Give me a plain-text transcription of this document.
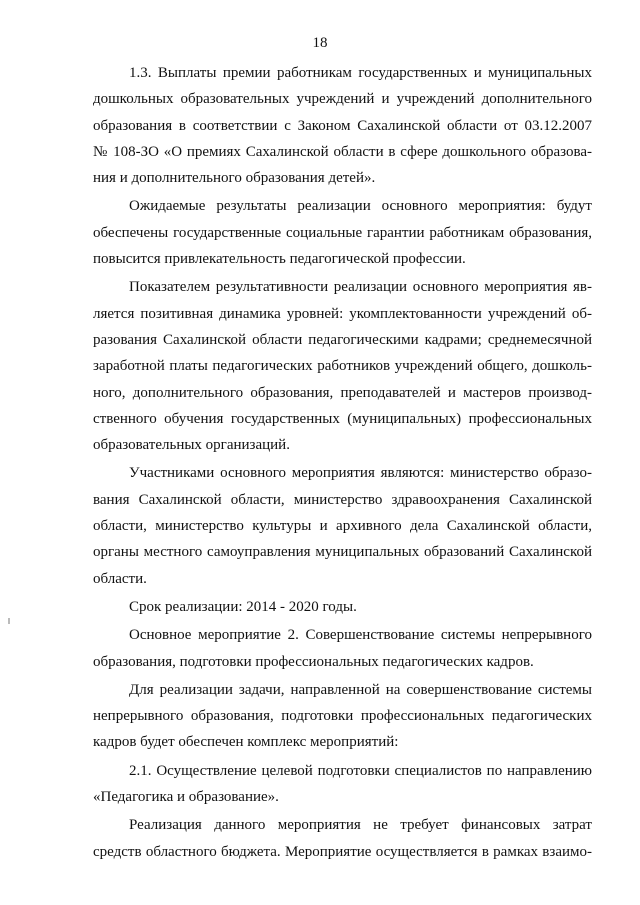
18
1.3. Выплаты премии работникам государственных и муниципальных
дошкольных образовательных учреждений и учреждений дополнительного
образования в соответствии с Законом Сахалинской области от 03.12.2007
№ 108-ЗО «О премиях Сахалинской области в сфере дошкольного образова-
ния и дополнительного образования детей».
Ожидаемые результаты реализации основного мероприятия: будут
обеспечены государственные социальные гарантии работникам образования,
повысится привлекательность педагогической профессии.
Показателем результативности реализации основного мероприятия яв-
ляется позитивная динамика уровней: укомплектованности учреждений об-
разования Сахалинской области педагогическими кадрами; среднемесячной
заработной платы педагогических работников учреждений общего, дошколь-
ного, дополнительного образования, преподавателей и мастеров производ-
ственного обучения государственных (муниципальных) профессиональных
образовательных организаций.
Участниками основного мероприятия являются: министерство образо-
вания Сахалинской области, министерство здравоохранения Сахалинской
области, министерство культуры и архивного дела Сахалинской области,
органы местного самоуправления муниципальных образований Сахалинской
области.
Срок реализации: 2014 - 2020 годы.
Основное мероприятие 2. Совершенствование системы непрерывного
образования, подготовки профессиональных педагогических кадров.
Для реализации задачи, направленной на совершенствование системы
непрерывного образования, подготовки профессиональных педагогических
кадров будет обеспечен комплекс мероприятий:
2.1. Осуществление целевой подготовки специалистов по направлению
«Педагогика и образование».
Реализация данного мероприятия не требует финансовых затрат
средств областного бюджета. Мероприятие осуществляется в рамках взаимо-
